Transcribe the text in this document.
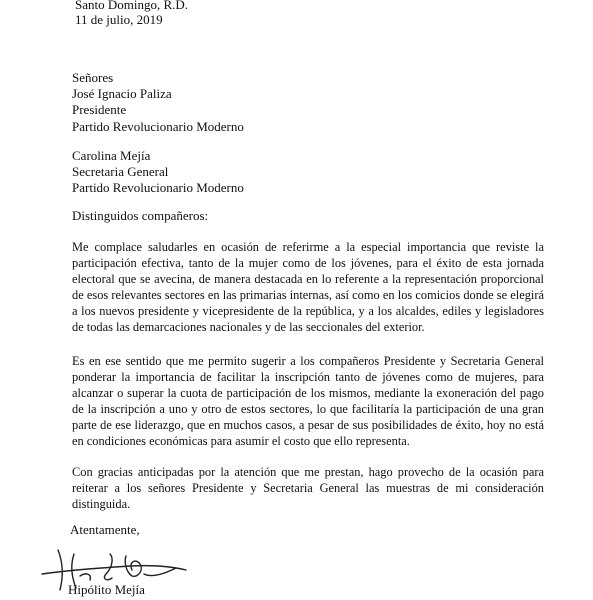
Santo Domingo, R.D.
11 de julio, 2019
Señores
José Ignacio Paliza
Presidente
Partido Revolucionario Moderno
Carolina Mejía
Secretaria General
Partido Revolucionario Moderno
Distinguidos compañeros:
Me complace saludarles en ocasión de referirme a la especial importancia que reviste la participación efectiva, tanto de la mujer como de los jóvenes, para el éxito de esta jornada electoral que se avecina, de manera destacada en lo referente a la representación proporcional de esos relevantes sectores en las primarias internas, así como en los comicios donde se elegirá a los nuevos presidente y vicepresidente de la república, y a los alcaldes, ediles y legisladores de todas las demarcaciones nacionales y de las seccionales del exterior.
Es en ese sentido que me permito sugerir a los compañeros Presidente y Secretaria General ponderar la importancia de facilitar la inscripción tanto de jóvenes como de mujeres, para alcanzar o superar la cuota de participación de los mismos, mediante la exoneración del pago de la inscripción a uno y otro de estos sectores, lo que facilitaría la participación de una gran parte de ese liderazgo, que en muchos casos, a pesar de sus posibilidades de éxito, hoy no está en condiciones económicas para asumir el costo que ello representa.
Con gracias anticipadas por la atención que me prestan, hago provecho de la ocasión para reiterar a los señores Presidente y Secretaria General las muestras de mi consideración distinguida.
Atentamente,
Hipólito Mejía
